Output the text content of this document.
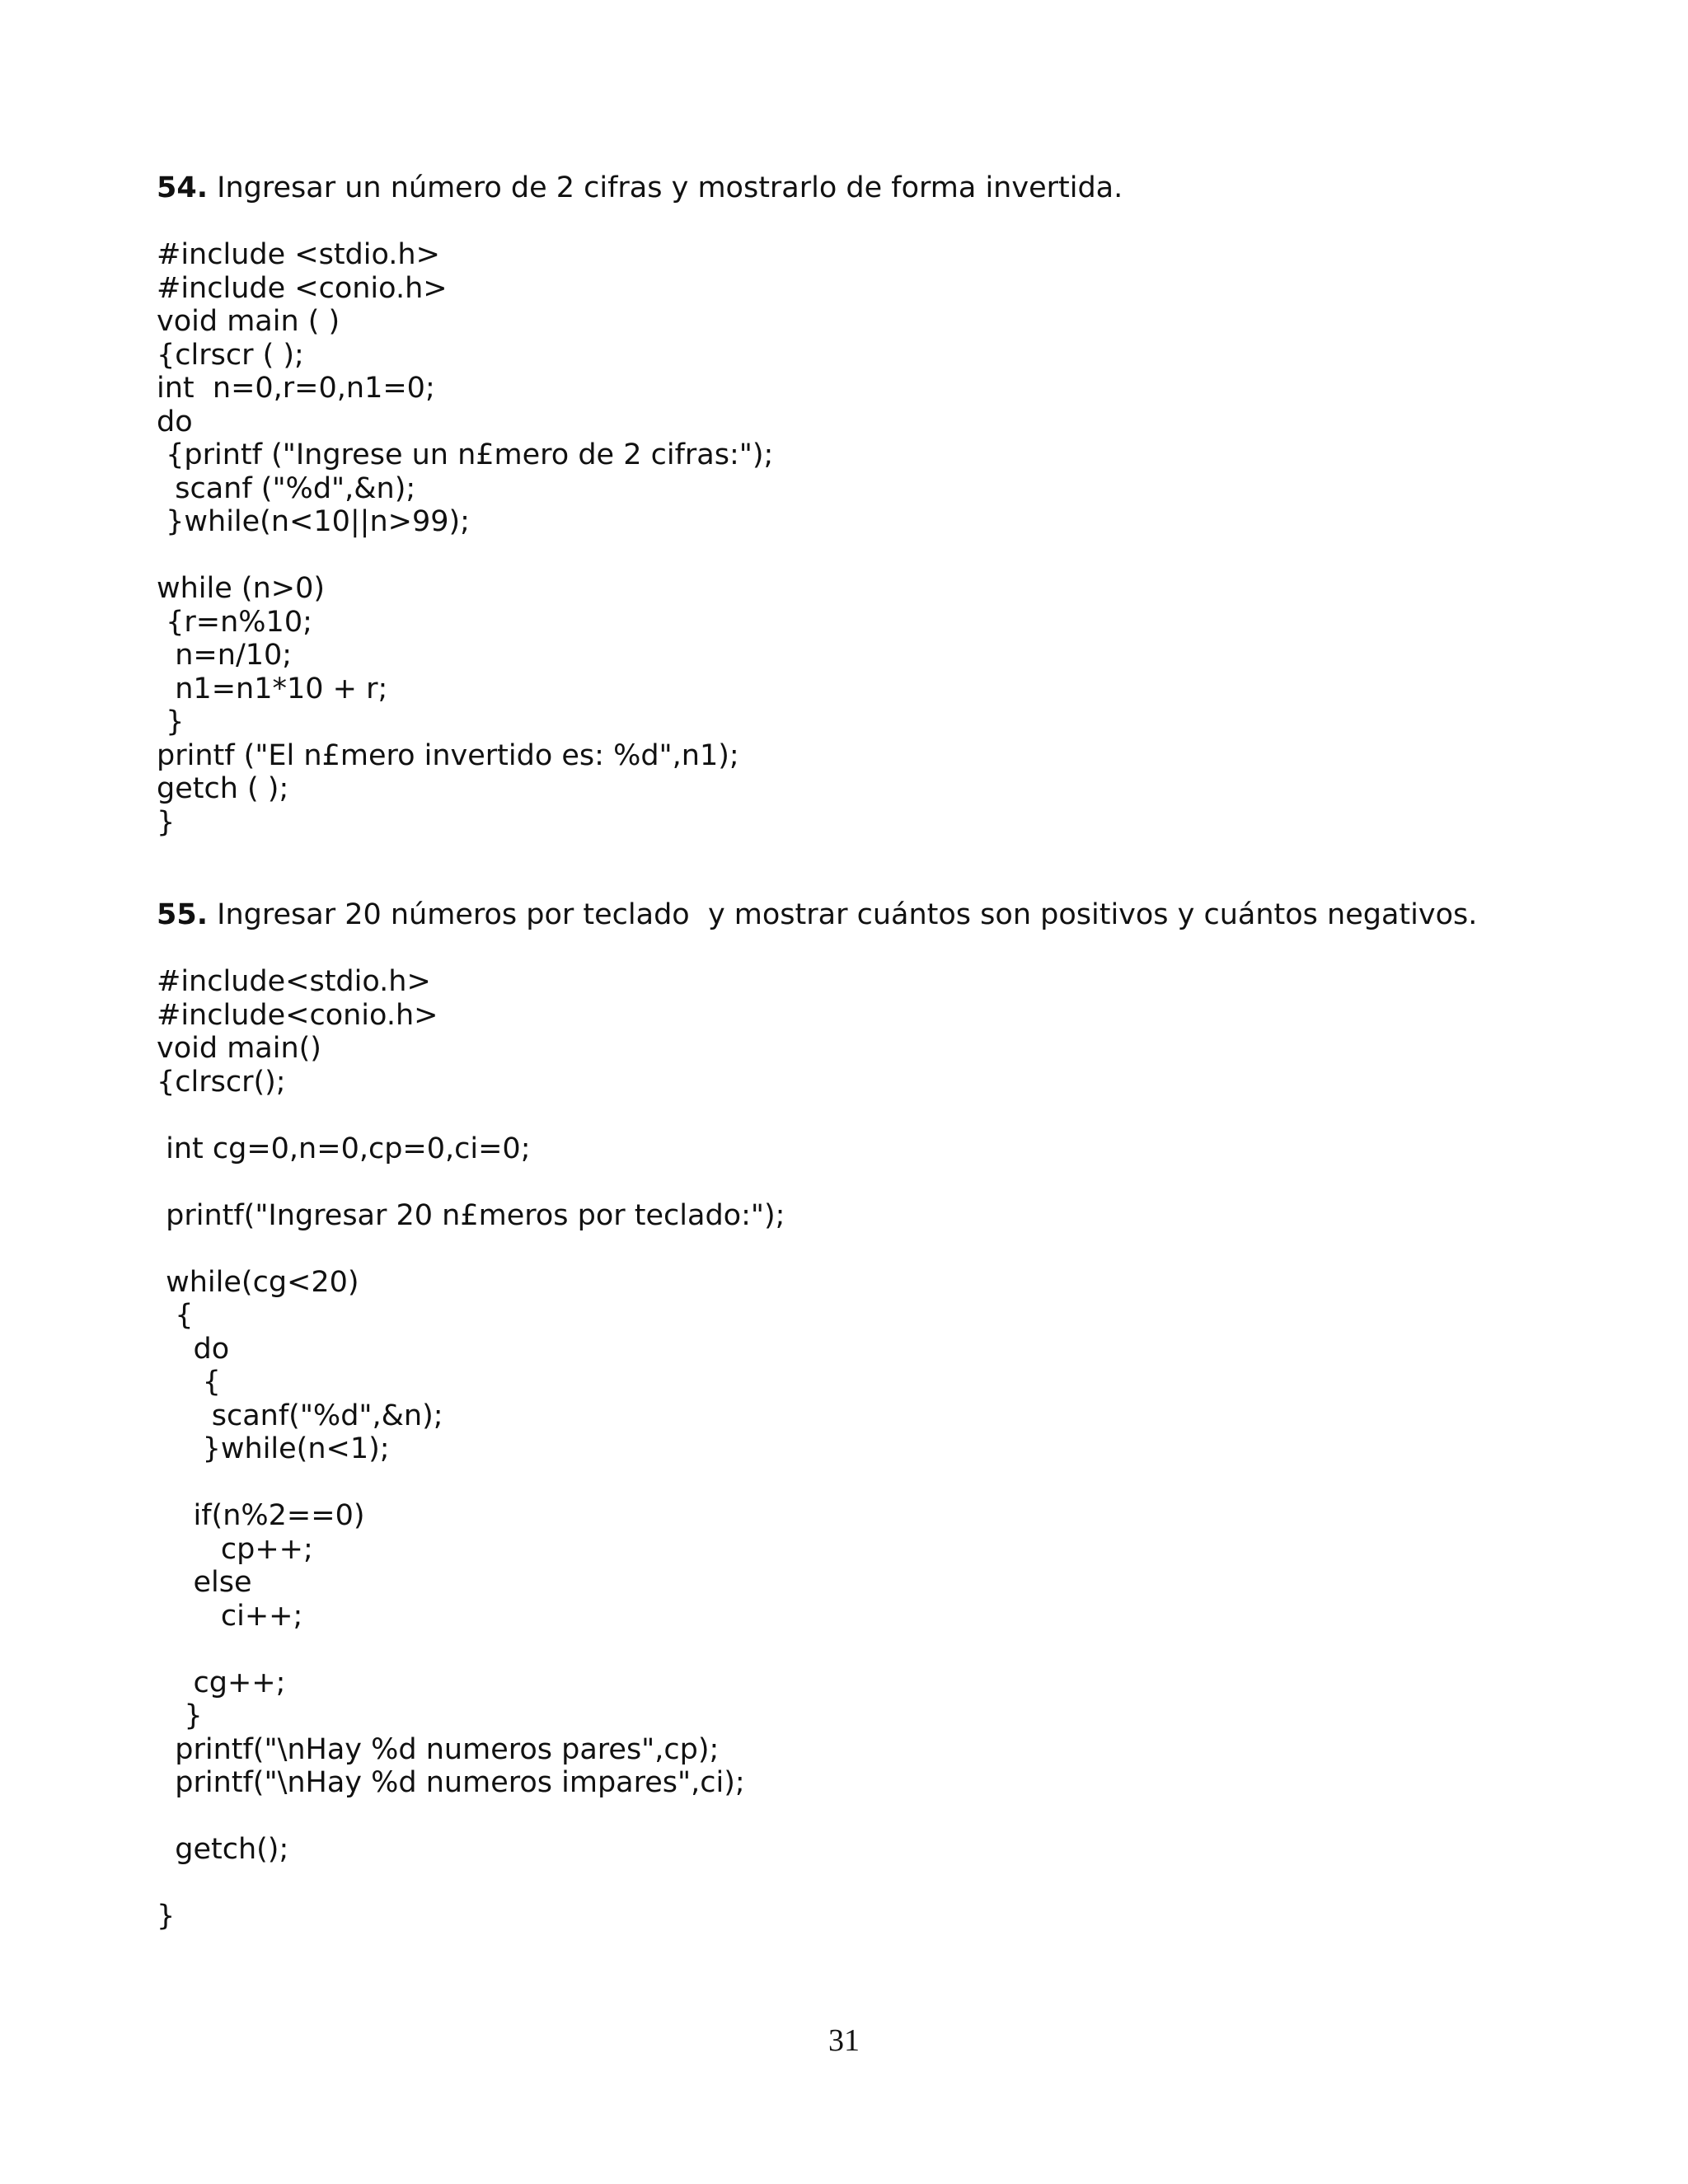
54. Ingresar un número de 2 cifras y mostrarlo de forma invertida.
#include <stdio.h>
#include <conio.h>
void main ( )
{clrscr ( );
int  n=0,r=0,n1=0;
do
{printf ("Ingrese un n£mero de 2 cifras:");
scanf ("%d",&n);
}while(n<10||n>99);
while (n>0)
{r=n%10;
n=n/10;
n1=n1*10 + r;
}
printf ("El n£mero invertido es: %d",n1);
getch ( );
}
55. Ingresar 20 números por teclado  y mostrar cuántos son positivos y cuántos negativos.
#include<stdio.h>
#include<conio.h>
void main()
{clrscr();
int cg=0,n=0,cp=0,ci=0;
printf("Ingresar 20 n£meros por teclado:");
while(cg<20)
{
do
{
scanf("%d",&n);
}while(n<1);
if(n%2==0)
cp++;
else
ci++;
cg++;
}
printf("\nHay %d numeros pares",cp);
printf("\nHay %d numeros impares",ci);
getch();
}
31
